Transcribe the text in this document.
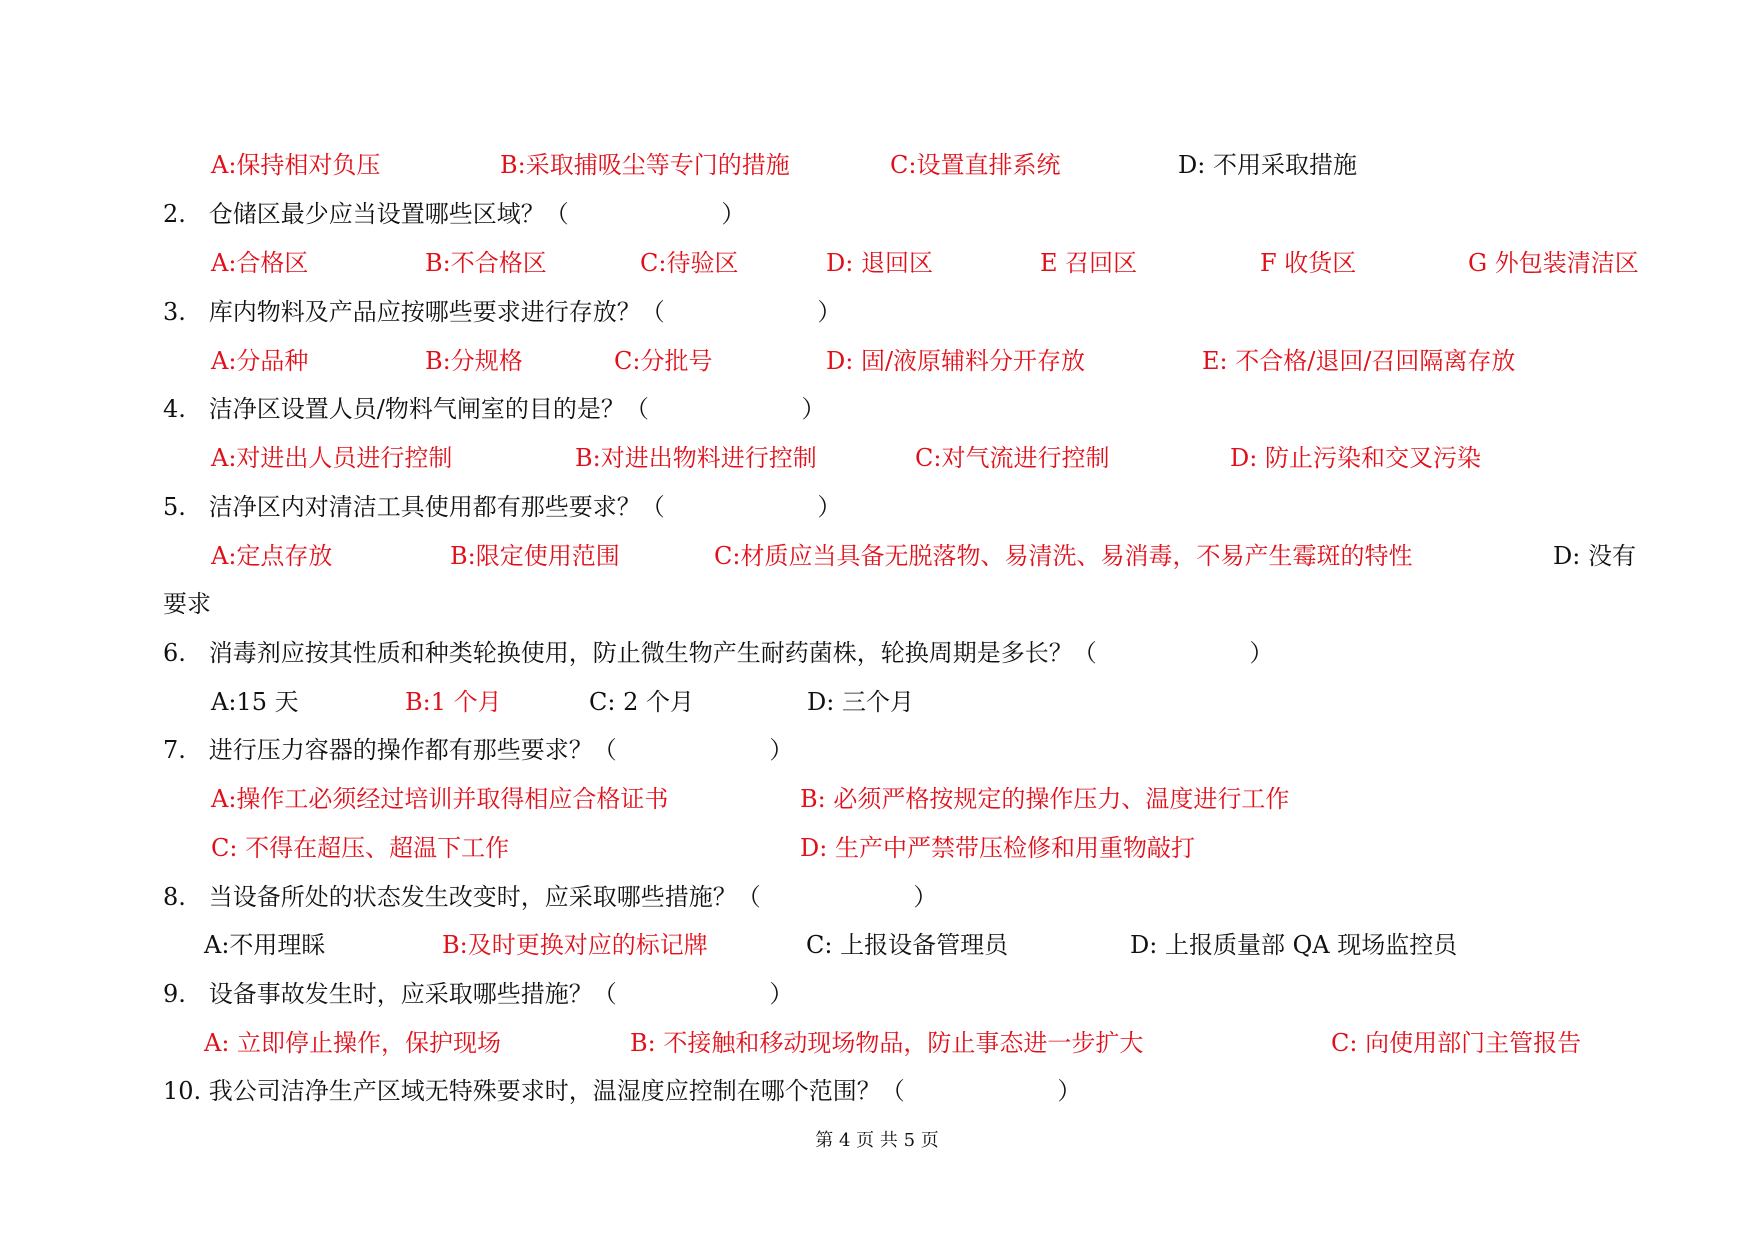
A:保持相对负压	B:采取捕吸尘等专门的措施	C:设置直排系统	D: 不用采取措施
2.   仓储区最少应当设置哪些区域？（                    ）
A:合格区	B:不合格区	C:待验区	D: 退回区	E 召回区	F 收货区	G 外包装清洁区
3.   库内物料及产品应按哪些要求进行存放？（                    ）
A:分品种	B:分规格	C:分批号	D: 固/液原辅料分开存放	E: 不合格/退回/召回隔离存放
4.   洁净区设置人员/物料气闸室的目的是？（                    ）
A:对进出人员进行控制	B:对进出物料进行控制	C:对气流进行控制	D: 防止污染和交叉污染
5.   洁净区内对清洁工具使用都有那些要求？（                    ）
A:定点存放	B:限定使用范围	C:材质应当具备无脱落物、易清洗、易消毒，不易产生霉斑的特性	D: 没有
要求
6.   消毒剂应按其性质和种类轮换使用，防止微生物产生耐药菌株，轮换周期是多长？（                    ）
A:15 天	B:1 个月	C: 2 个月	D: 三个月
7.   进行压力容器的操作都有那些要求？（                    ）
A:操作工必须经过培训并取得相应合格证书	B: 必须严格按规定的操作压力、温度进行工作
C: 不得在超压、超温下工作	D: 生产中严禁带压检修和用重物敲打
8.   当设备所处的状态发生改变时，应采取哪些措施？（                    ）
A:不用理睬	B:及时更换对应的标记牌	C: 上报设备管理员	D: 上报质量部 QA 现场监控员
9.   设备事故发生时，应采取哪些措施？（                    ）
A: 立即停止操作，保护现场	B: 不接触和移动现场物品，防止事态进一步扩大	C: 向使用部门主管报告
10. 我公司洁净生产区域无特殊要求时，温湿度应控制在哪个范围？（                    ）
第 4 页 共 5 页
